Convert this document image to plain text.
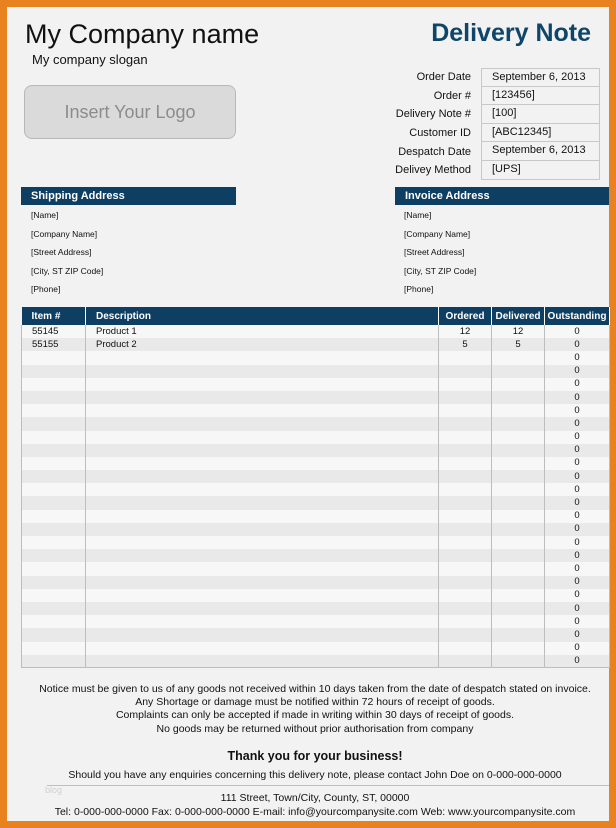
My Company name
My company slogan
Delivery Note
Insert Your Logo
Order Date	September 6, 2013
Order #	[123456]
Delivery Note #	[100]
Customer ID	[ABC12345]
Despatch Date	September 6, 2013
Delivey Method	[UPS]
Shipping Address
[Name]
[Company Name]
[Street Address]
[City, ST ZIP Code]
[Phone]
Invoice Address
[Name]
[Company Name]
[Street Address]
[City, ST ZIP Code]
[Phone]
Item #	Description	Ordered	Delivered	Outstanding
55145	Product 1	12	12	0
55155	Product 2	5	5	0
				0
				0
				0
				0
				0
				0
				0
				0
				0
				0
				0
				0
				0
				0
				0
				0
				0
				0
				0
				0
				0
				0
				0
				0
Notice must be given to us of any goods not received within 10 days taken from the date of despatch stated on invoice.
Any Shortage or damage must be notified within 72 hours of receipt of goods.
Complaints can only be accepted if made in writing within 30 days of receipt of goods.
No goods may be returned without prior authorisation from company
Thank you for your business!
Should you have any enquiries concerning this delivery note, please contact John Doe on 0-000-000-0000
blog
111 Street, Town/City, County, ST, 00000
Tel: 0-000-000-0000 Fax: 0-000-000-0000 E-mail: info@yourcompanysite.com Web: www.yourcompanysite.com
